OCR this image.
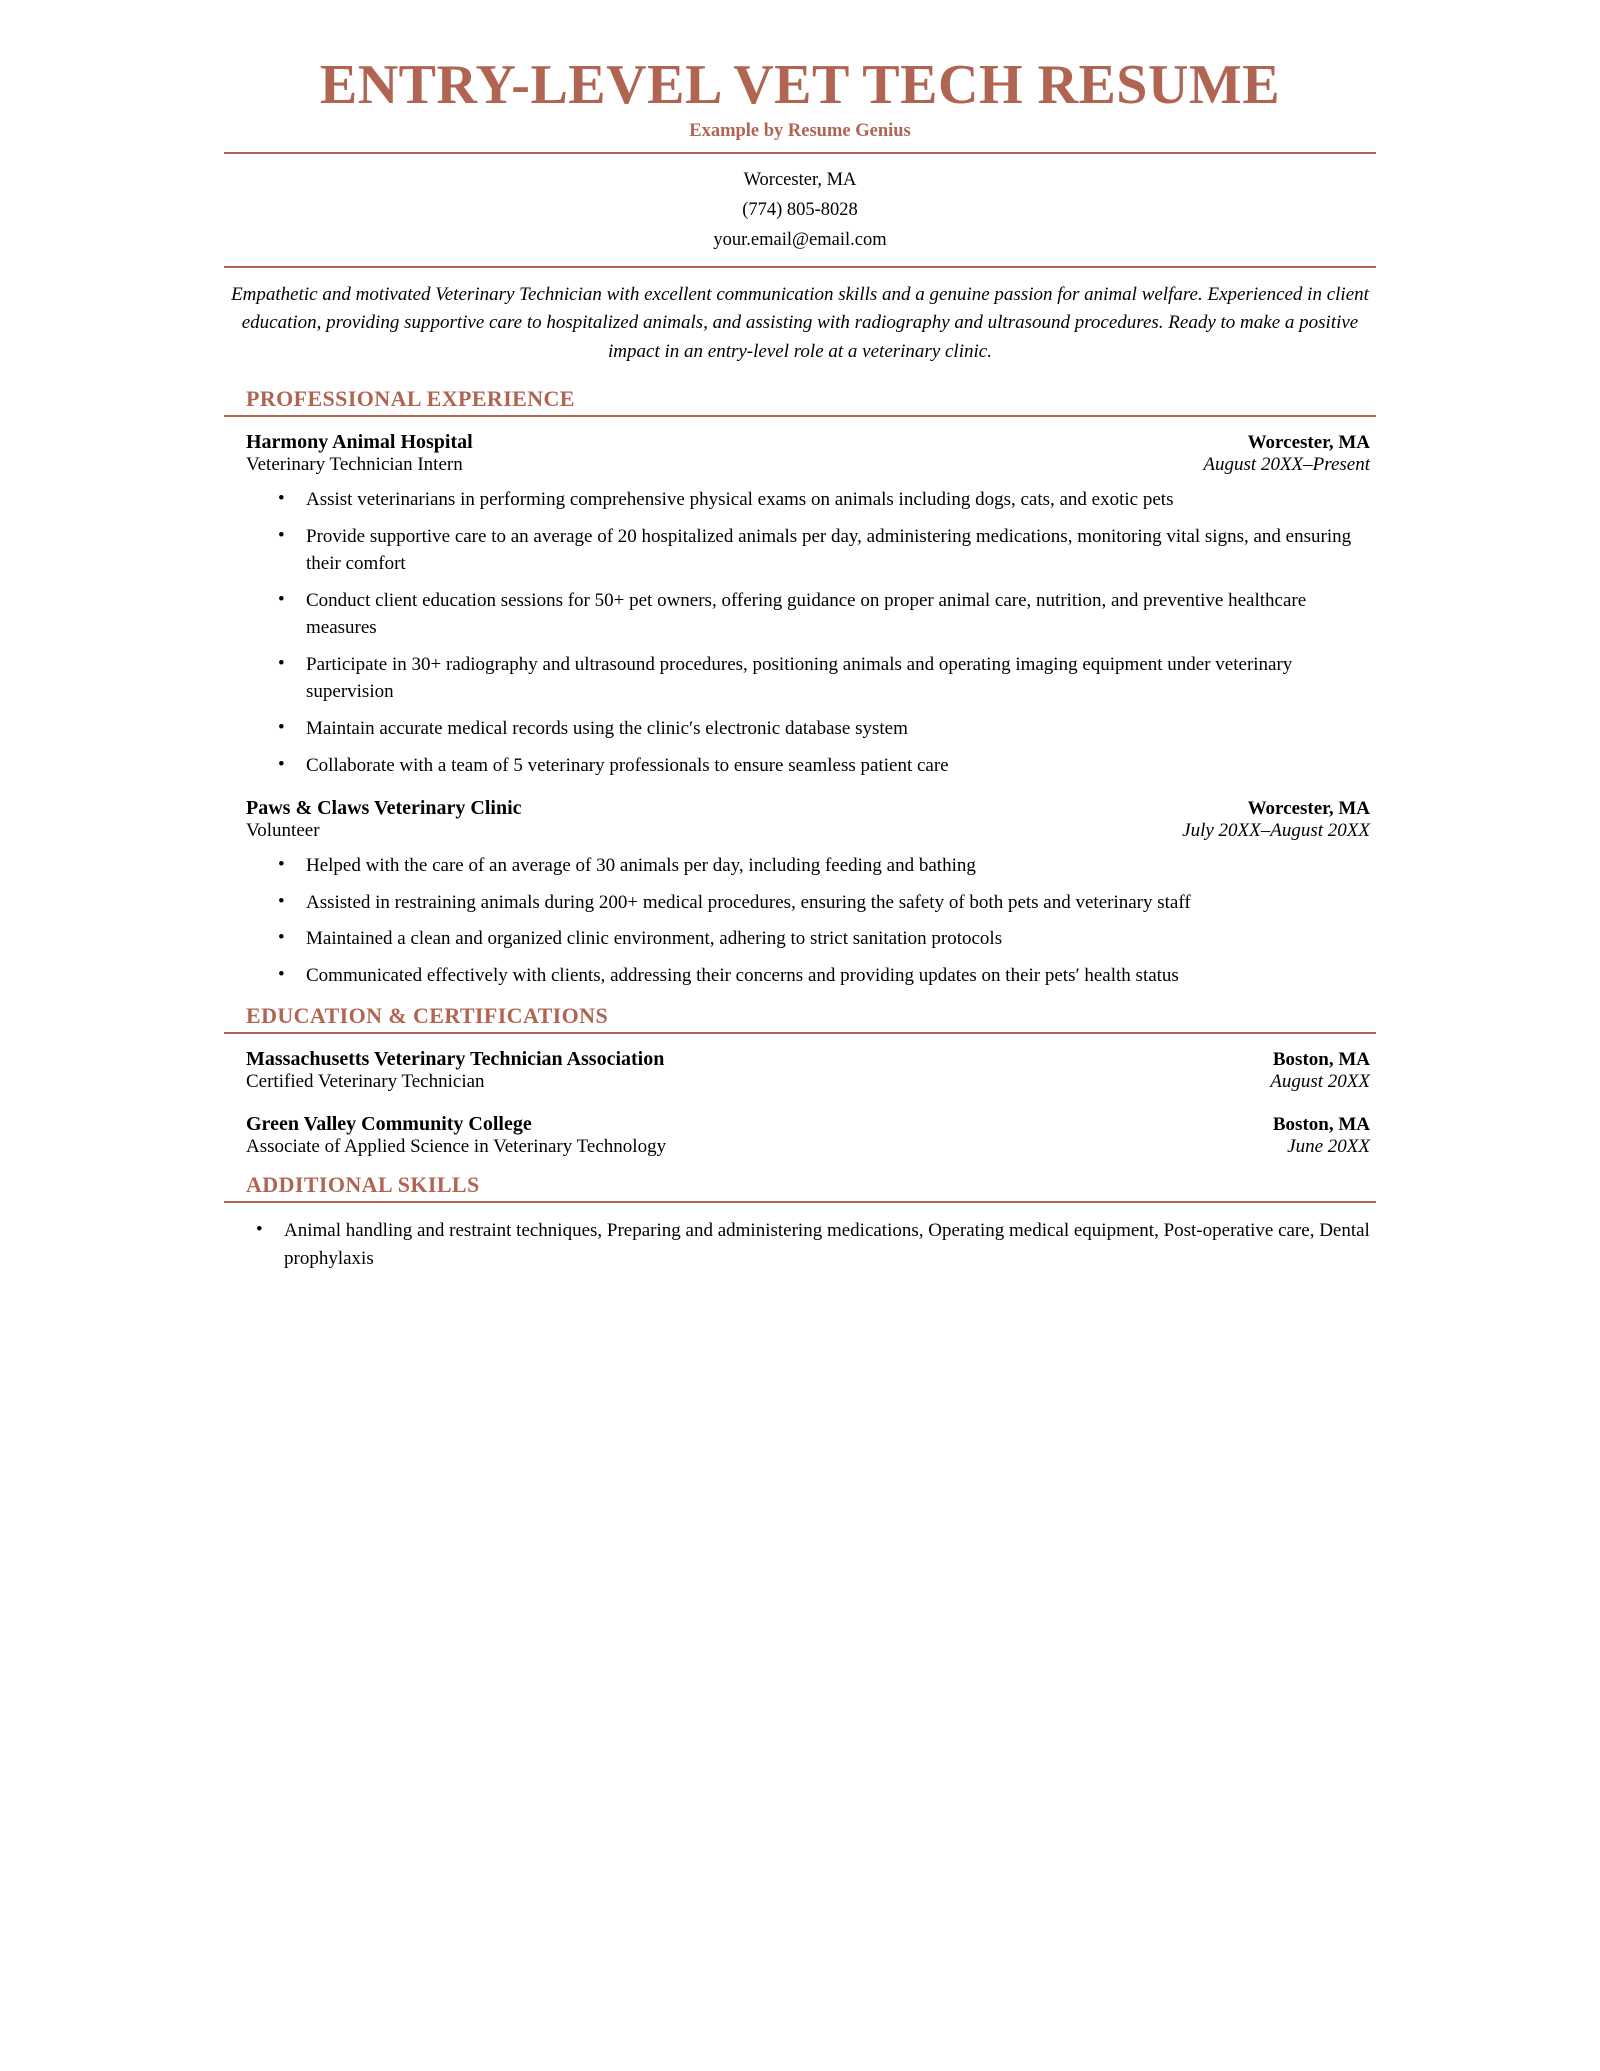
ENTRY-LEVEL VET TECH RESUME
Example by Resume Genius
Worcester, MA
(774) 805-8028
your.email@email.com

Empathetic and motivated Veterinary Technician with excellent communication skills and a genuine passion for animal welfare. Experienced in client education, providing supportive care to hospitalized animals, and assisting with radiography and ultrasound procedures. Ready to make a positive impact in an entry-level role at a veterinary clinic.

PROFESSIONAL EXPERIENCE
Harmony Animal Hospital	Worcester, MA
Veterinary Technician Intern	August 20XX–Present
• Assist veterinarians in performing comprehensive physical exams on animals including dogs, cats, and exotic pets
• Provide supportive care to an average of 20 hospitalized animals per day, administering medications, monitoring vital signs, and ensuring their comfort
• Conduct client education sessions for 50+ pet owners, offering guidance on proper animal care, nutrition, and preventive healthcare measures
• Participate in 30+ radiography and ultrasound procedures, positioning animals and operating imaging equipment under veterinary supervision
• Maintain accurate medical records using the clinic′s electronic database system
• Collaborate with a team of 5 veterinary professionals to ensure seamless patient care
Paws & Claws Veterinary Clinic	Worcester, MA
Volunteer	July 20XX–August 20XX
• Helped with the care of an average of 30 animals per day, including feeding and bathing
• Assisted in restraining animals during 200+ medical procedures, ensuring the safety of both pets and veterinary staff
• Maintained a clean and organized clinic environment, adhering to strict sanitation protocols
• Communicated effectively with clients, addressing their concerns and providing updates on their pets′ health status
EDUCATION & CERTIFICATIONS
Massachusetts Veterinary Technician Association	Boston, MA
Certified Veterinary Technician	August 20XX
Green Valley Community College	Boston, MA
Associate of Applied Science in Veterinary Technology	June 20XX
ADDITIONAL SKILLS
• Animal handling and restraint techniques, Preparing and administering medications, Operating medical equipment, Post-operative care, Dental prophylaxis
